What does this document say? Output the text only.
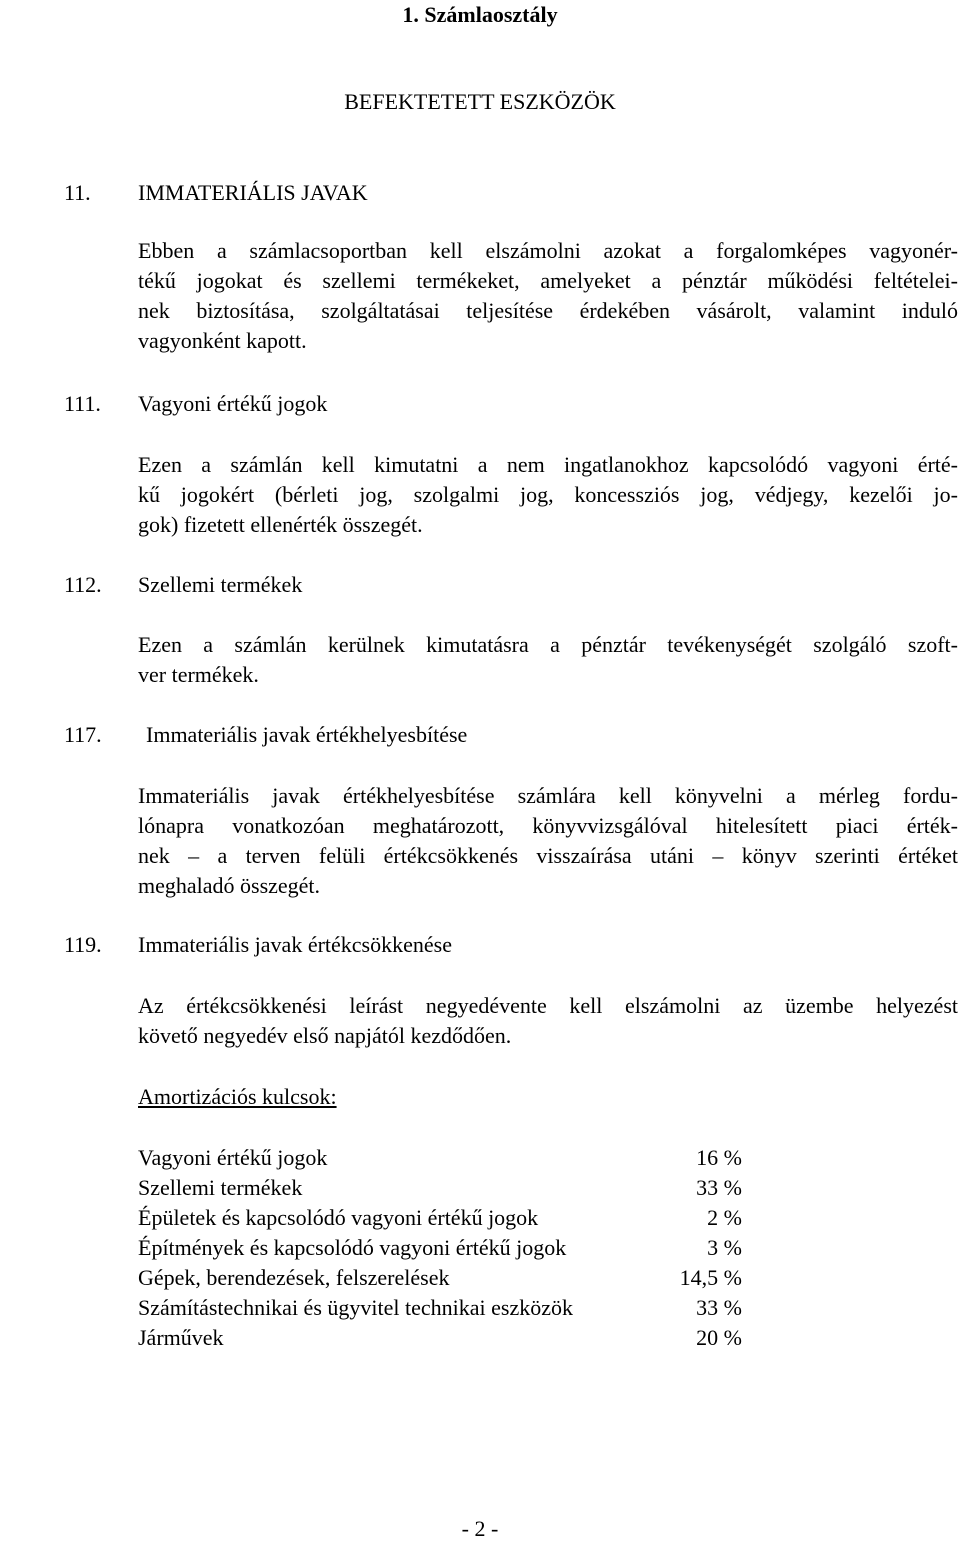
1. Számlaosztály
BEFEKTETETT ESZKÖZÖK
11. IMMATERIÁLIS JAVAK

Ebben a számlacsoportban kell elszámolni azokat a forgalomképes vagyonér-

tékű jogokat és szellemi termékeket, amelyeket a pénztár működési feltételei-

nek biztosítása, szolgáltatásai teljesítése érdekében vásárolt, valamint induló

vagyonként kapott.

111. Vagyoni értékű jogok

Ezen a számlán kell kimutatni a nem ingatlanokhoz kapcsolódó vagyoni érté-

kű jogokért (bérleti jog, szolgalmi jog, koncessziós jog, védjegy, kezelői jo-

gok) fizetett ellenérték összegét.

112. Szellemi termékek

Ezen a számlán kerülnek kimutatásra a pénztár tevékenységét szolgáló szoft-

ver termékek.

117. Immateriális javak értékhelyesbítése

Immateriális javak értékhelyesbítése számlára kell könyvelni a mérleg fordu-

lónapra vonatkozóan meghatározott, könyvvizsgálóval hitelesített piaci érték-

nek – a terven felüli értékcsökkenés visszaírása utáni – könyv szerinti értéket

meghaladó összegét.

119. Immateriális javak értékcsökkenése

Az értékcsökkenési leírást negyedévente kell elszámolni az üzembe helyezést

követő negyedév első napjától kezdődően.

Amortizációs kulcsok:
Vagyoni értékű jogok	16 %
Szellemi termékek	33 %
Épületek és kapcsolódó vagyoni értékű jogok	2 %
Építmények és kapcsolódó vagyoni értékű jogok	3 %
Gépek, berendezések, felszerelések	14,5 %
Számítástechnikai és ügyvitel technikai eszközök	33 %
Járművek	20 %
- 2 -
